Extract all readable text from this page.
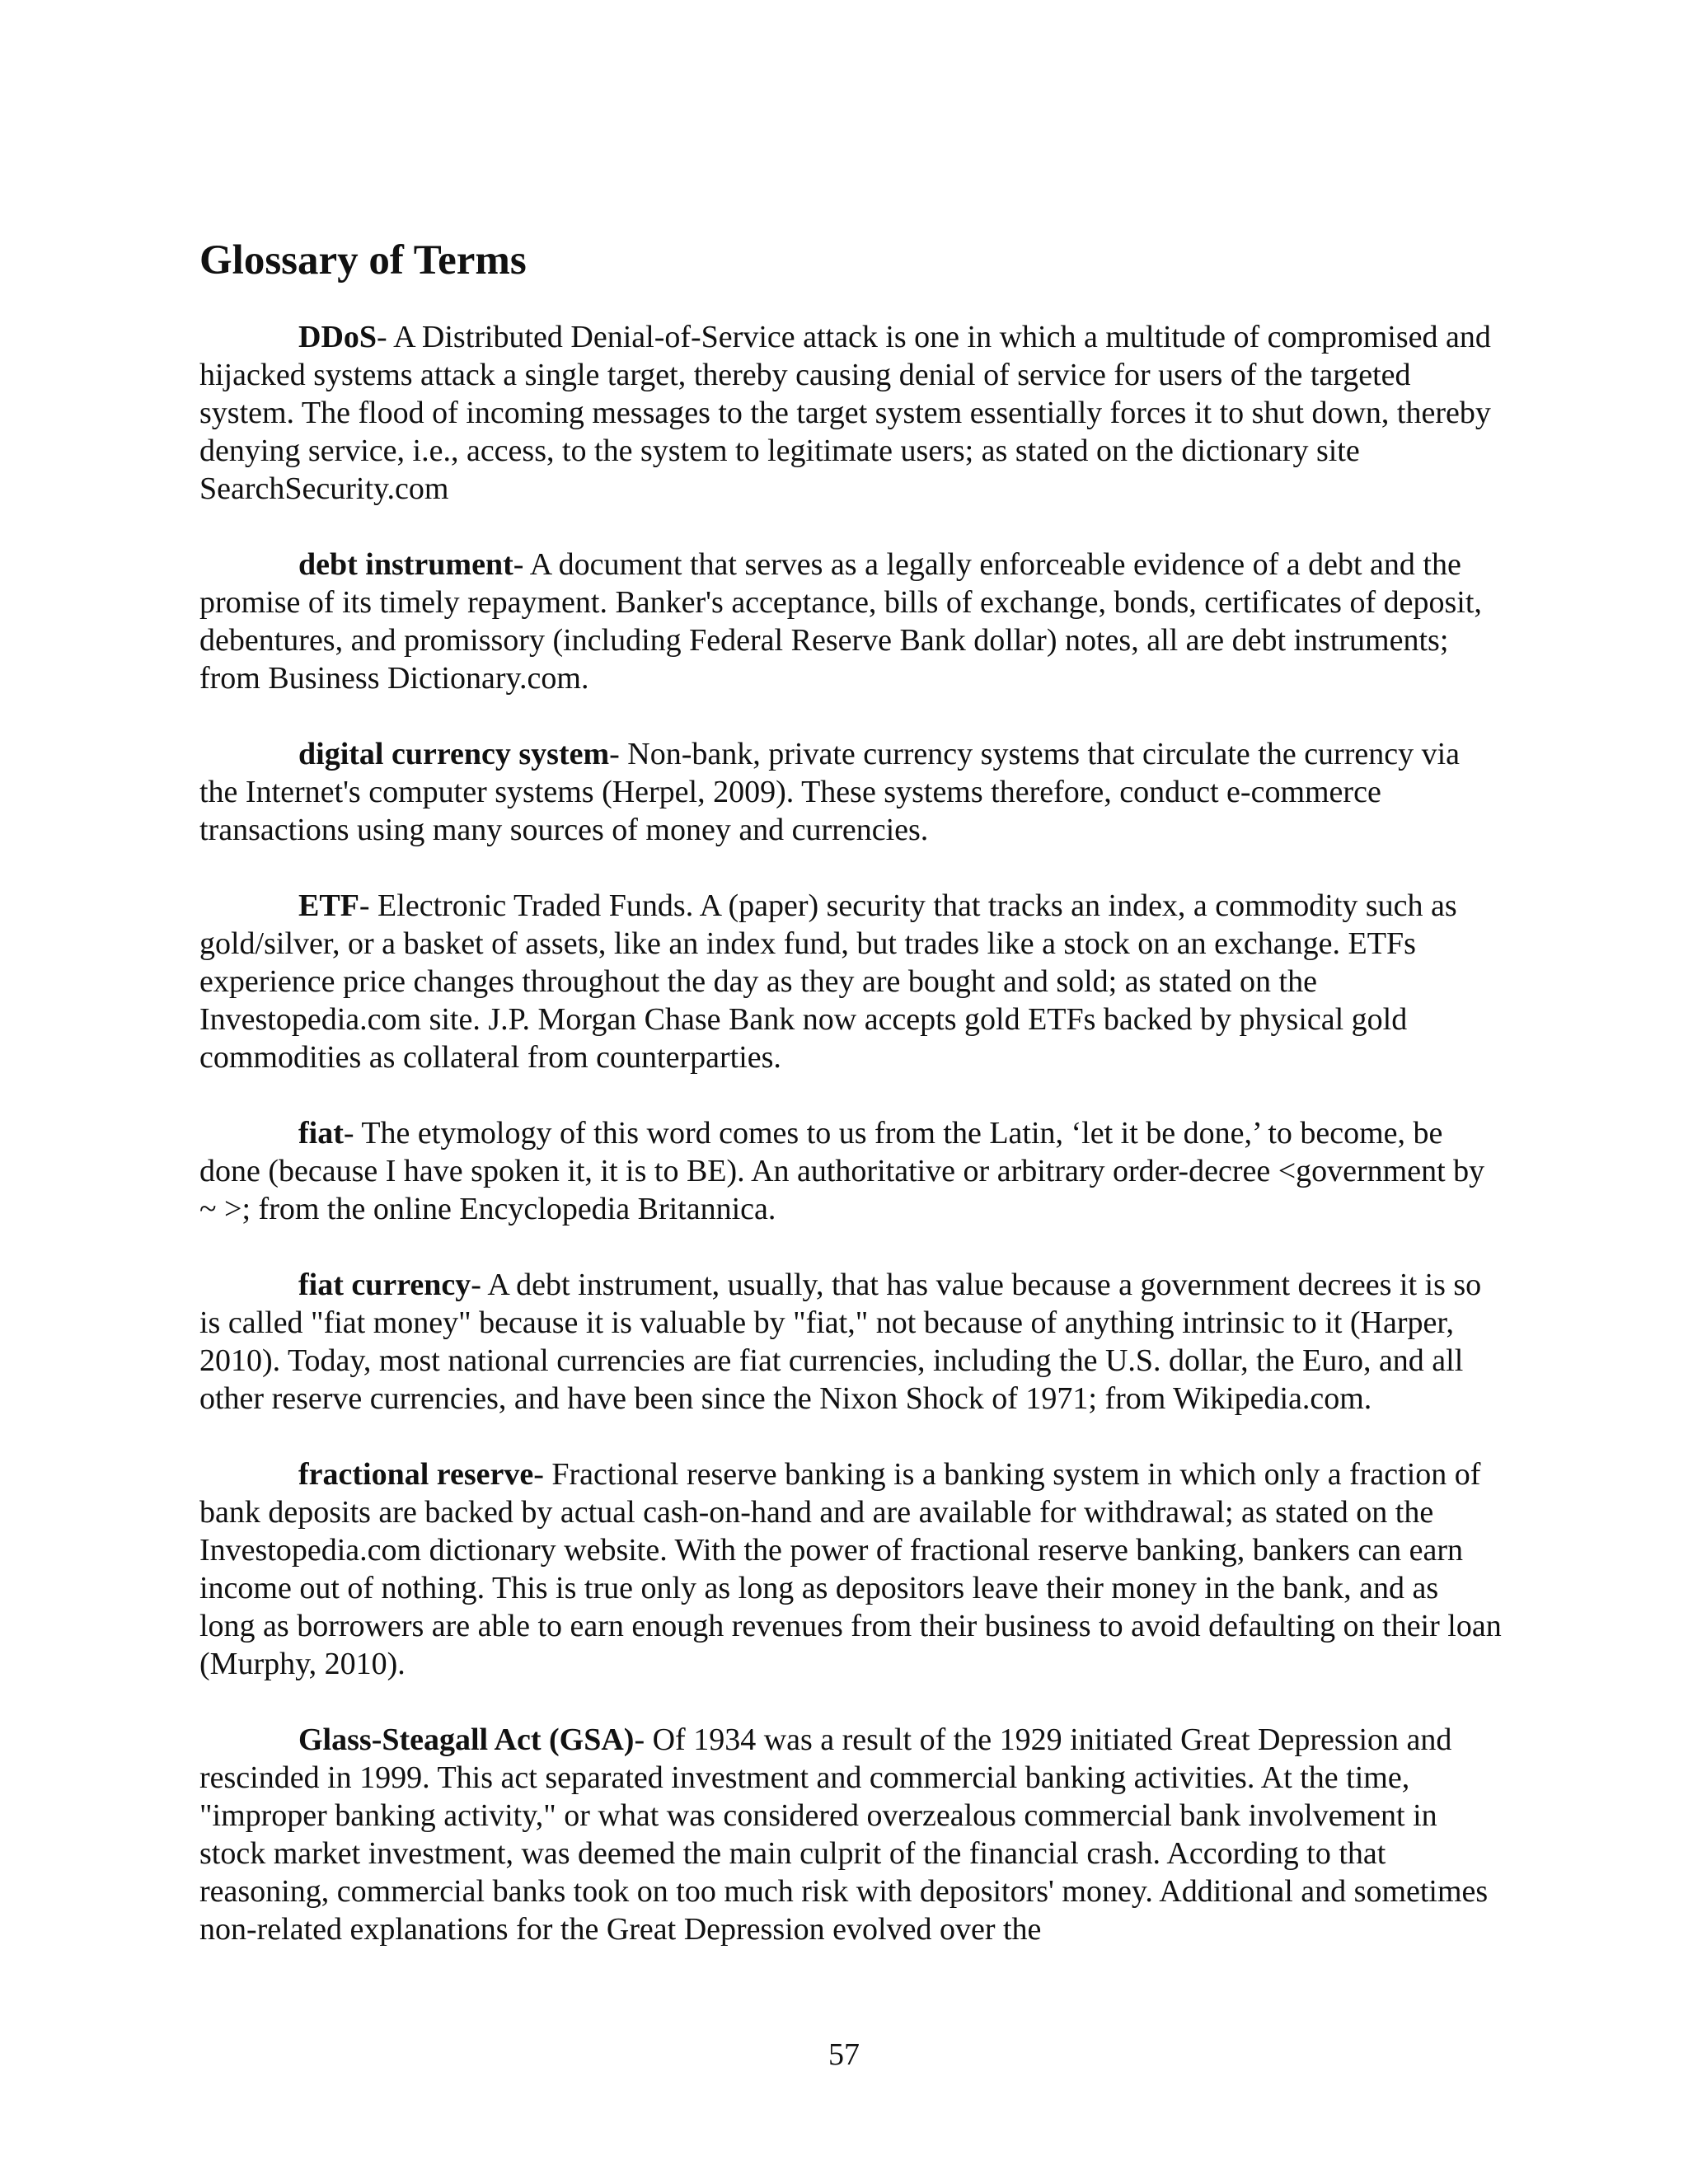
Glossary of Terms

DDoS- A Distributed Denial-of-Service attack is one in which a multitude of compromised and hijacked systems attack a single target, thereby causing denial of service for users of the targeted system. The flood of incoming messages to the target system essentially forces it to shut down, thereby denying service, i.e., access, to the system to legitimate users; as stated on the dictionary site SearchSecurity.com

debt instrument- A document that serves as a legally enforceable evidence of a debt and the promise of its timely repayment. Banker's acceptance, bills of exchange, bonds, certificates of deposit, debentures, and promissory (including Federal Reserve Bank dollar) notes, all are debt instruments; from Business Dictionary.com.

digital currency system- Non-bank, private currency systems that circulate the currency via the Internet's computer systems (Herpel, 2009). These systems therefore, conduct e-commerce transactions using many sources of money and currencies.

ETF- Electronic Traded Funds. A (paper) security that tracks an index, a commodity such as gold/silver, or a basket of assets, like an index fund, but trades like a stock on an exchange. ETFs experience price changes throughout the day as they are bought and sold; as stated on the Investopedia.com site. J.P. Morgan Chase Bank now accepts gold ETFs backed by physical gold commodities as collateral from counterparties.

fiat- The etymology of this word comes to us from the Latin, ‘let it be done,’ to become, be done (because I have spoken it, it is to BE). An authoritative or arbitrary order-decree <government by ~ >; from the online Encyclopedia Britannica.

fiat currency- A debt instrument, usually, that has value because a government decrees it is so is called "fiat money" because it is valuable by "fiat," not because of anything intrinsic to it (Harper, 2010). Today, most national currencies are fiat currencies, including the U.S. dollar, the Euro, and all other reserve currencies, and have been since the Nixon Shock of 1971; from Wikipedia.com.

fractional reserve- Fractional reserve banking is a banking system in which only a fraction of bank deposits are backed by actual cash-on-hand and are available for withdrawal; as stated on the Investopedia.com dictionary website. With the power of fractional reserve banking, bankers can earn income out of nothing. This is true only as long as depositors leave their money in the bank, and as long as borrowers are able to earn enough revenues from their business to avoid defaulting on their loan (Murphy, 2010).

Glass-Steagall Act (GSA)- Of 1934 was a result of the 1929 initiated Great Depression and rescinded in 1999. This act separated investment and commercial banking activities. At the time, "improper banking activity," or what was considered overzealous commercial bank involvement in stock market investment, was deemed the main culprit of the financial crash. According to that reasoning, commercial banks took on too much risk with depositors' money. Additional and sometimes non-related explanations for the Great Depression evolved over the

57
